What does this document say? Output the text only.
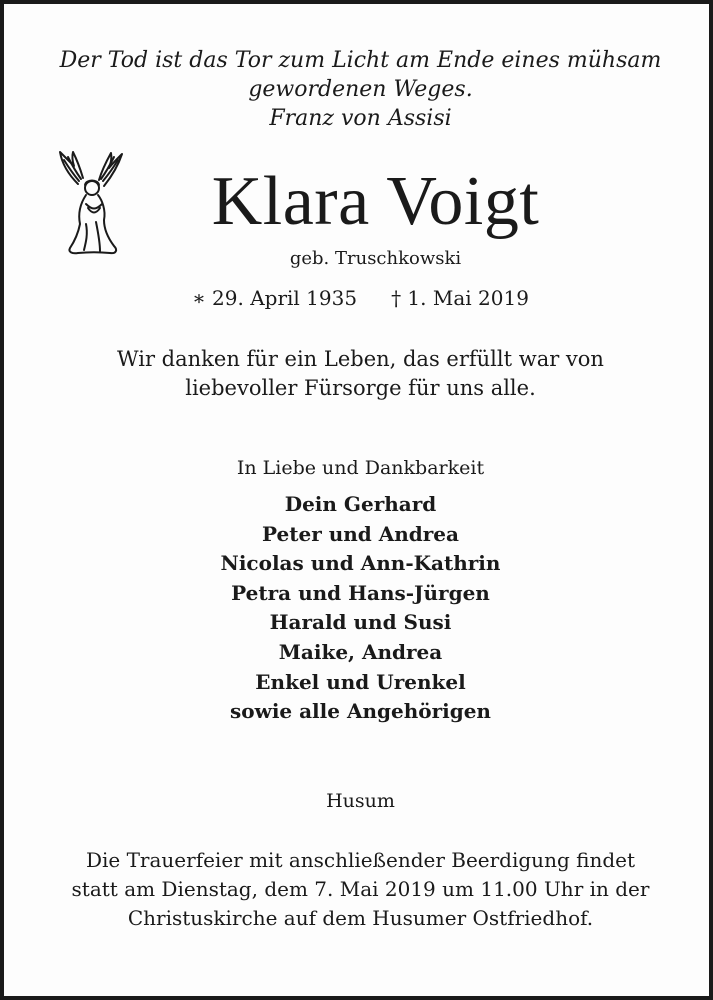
Der Tod ist das Tor zum Licht am Ende eines mühsam
gewordenen Weges.
Franz von Assisi
Klara Voigt
geb. Truschkowski
∗ 29. April 1935 † 1. Mai 2019
Wir danken für ein Leben, das erfüllt war von
liebevoller Fürsorge für uns alle.
In Liebe und Dankbarkeit
Dein Gerhard
Peter und Andrea
Nicolas und Ann-Kathrin
Petra und Hans-Jürgen
Harald und Susi
Maike, Andrea
Enkel und Urenkel
sowie alle Angehörigen
Husum
Die Trauerfeier mit anschließender Beerdigung findet
statt am Dienstag, dem 7. Mai 2019 um 11.00 Uhr in der
Christuskirche auf dem Husumer Ostfriedhof.
